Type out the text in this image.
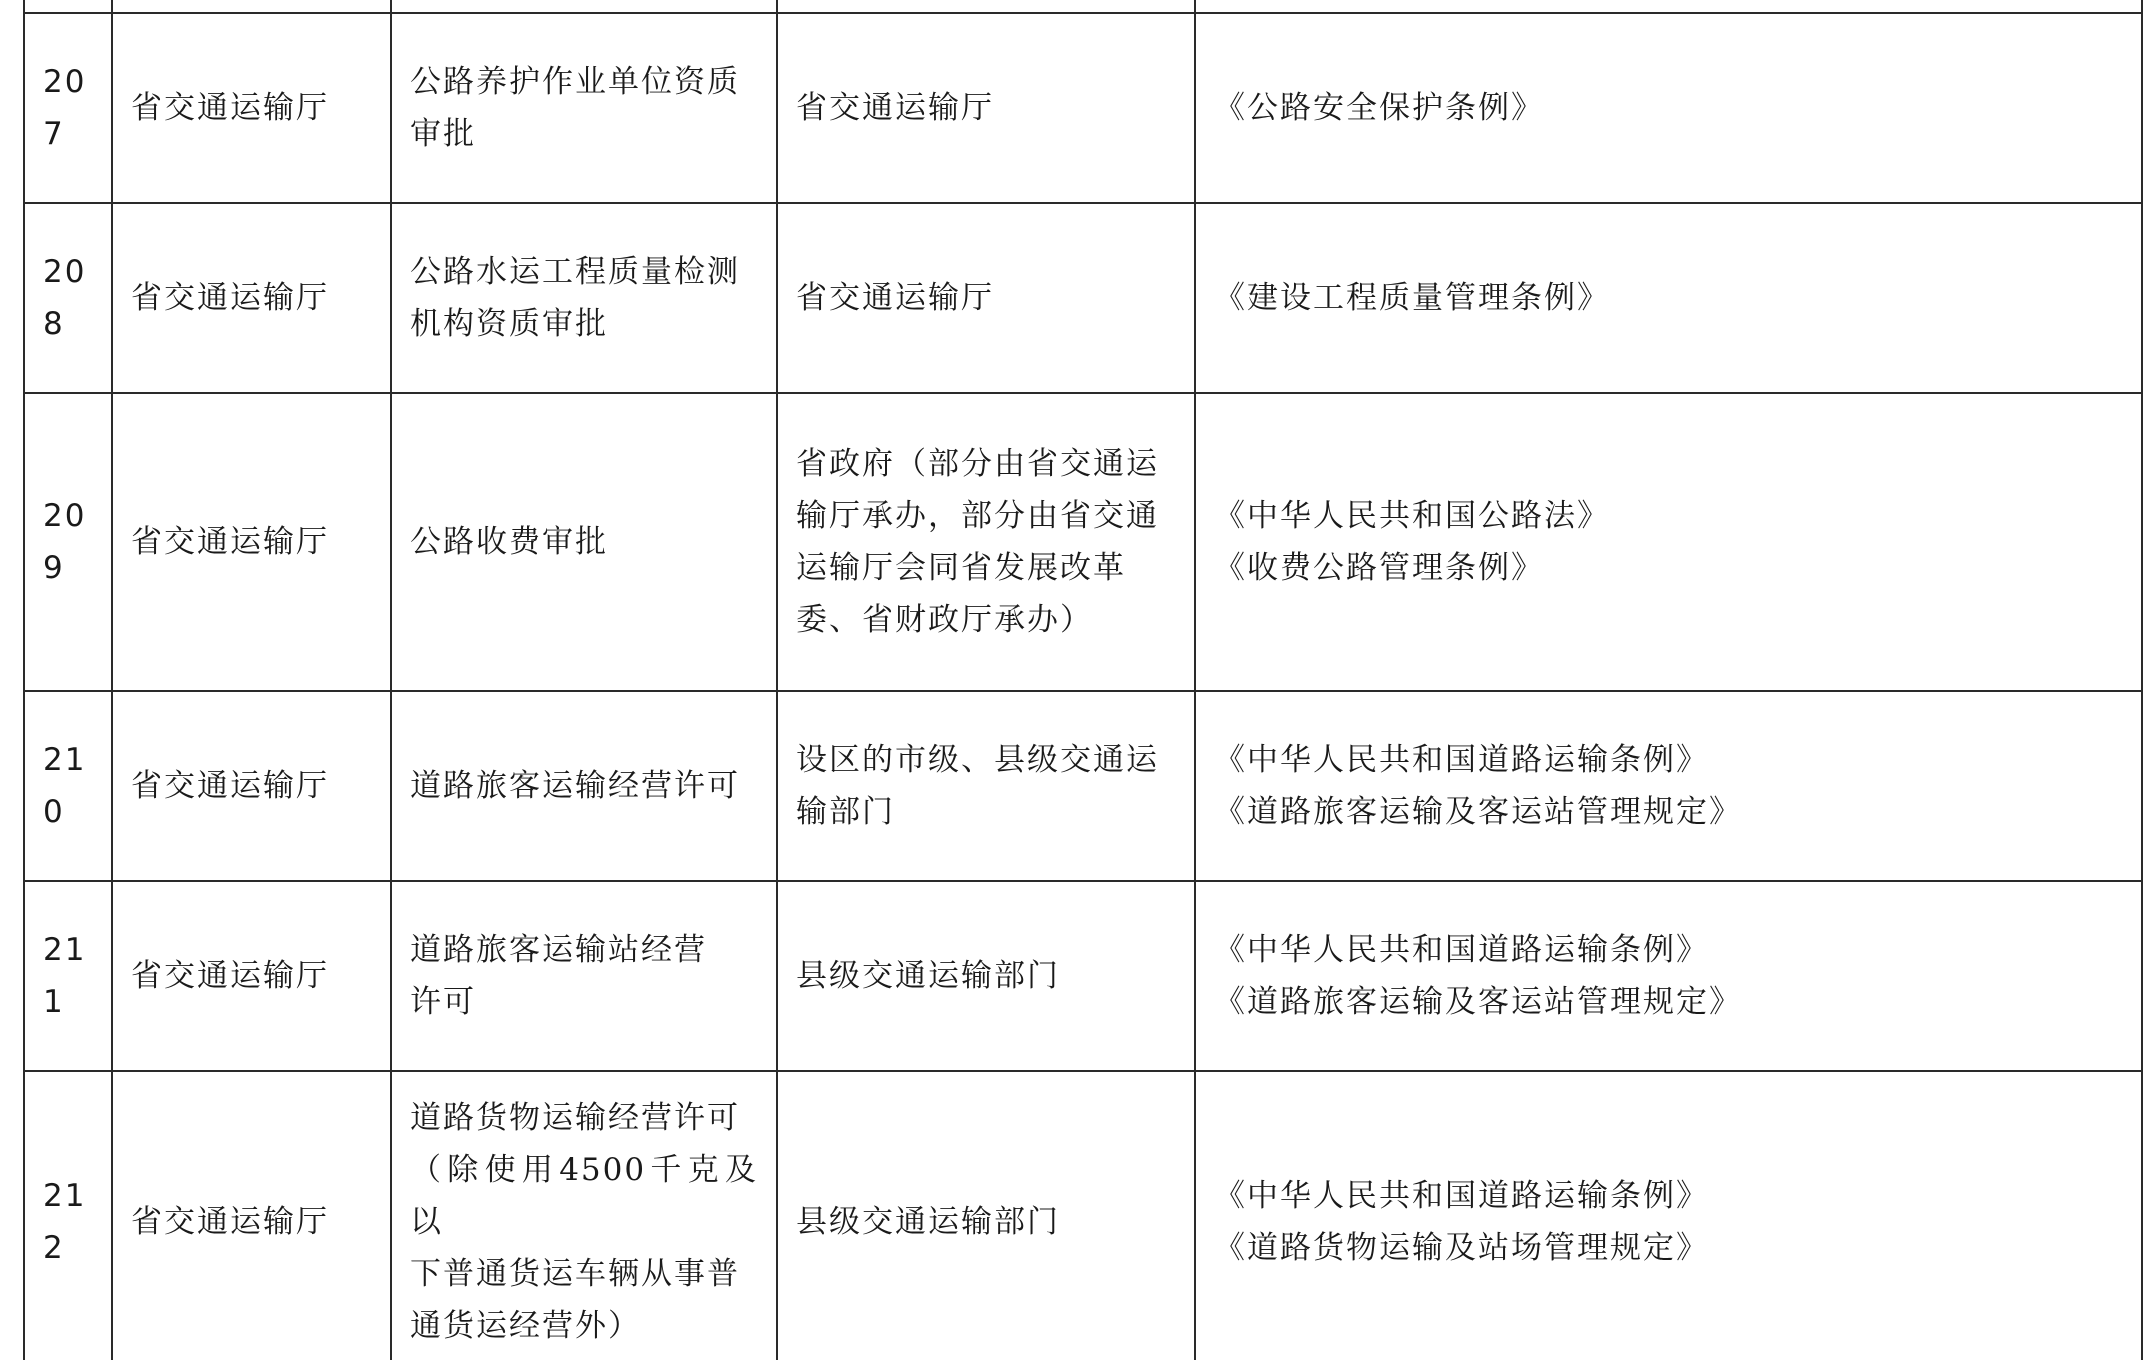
207	省交通运输厅	公路养护作业单位资质
审批	省交通运输厅	《公路安全保护条例》

208	省交通运输厅	公路水运工程质量检测
机构资质审批	省交通运输厅	《建设工程质量管理条例》

209	省交通运输厅	公路收费审批	省政府（部分由省交通运
输厅承办，部分由省交通
运输厅会同省发展改革
委、省财政厅承办）	《中华人民共和国公路法》
《收费公路管理条例》

210	省交通运输厅	道路旅客运输经营许可	设区的市级、县级交通运
输部门	《中华人民共和国道路运输条例》
《道路旅客运输及客运站管理规定》

211	省交通运输厅	道路旅客运输站经营
许可	县级交通运输部门	《中华人民共和国道路运输条例》
《道路旅客运输及客运站管理规定》

212	省交通运输厅	道路货物运输经营许可
（除使用4500千克及以
下普通货运车辆从事普
通货运经营外）	县级交通运输部门	《中华人民共和国道路运输条例》
《道路货物运输及站场管理规定》
